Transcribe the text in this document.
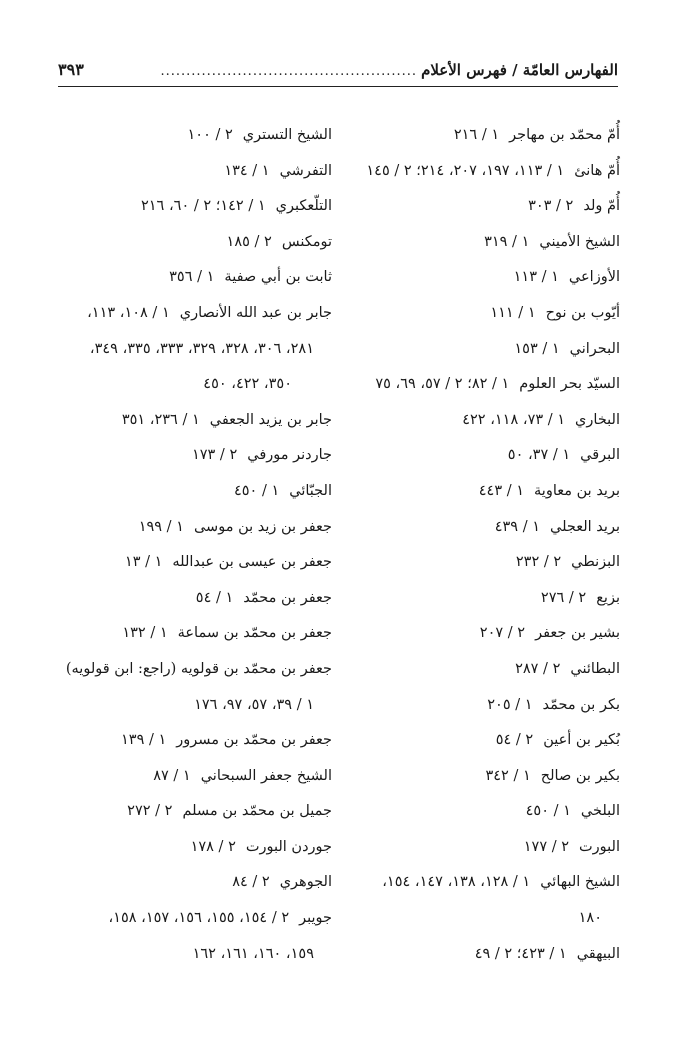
الفهارس العامّة / فهرس الأعلام
..................................................
٣٩٣
أُمّ محمّد بن مهاجر١ / ٢١٦
أُمّ هانئ١ / ١١٣، ١٩٧، ٢٠٧، ٢١٤؛ ٢ / ١٤٥
أُمّ ولد٢ / ٣٠٣
الشيخ الأميني١ / ٣١٩
الأوزاعي١ / ١١٣
أيّوب بن نوح١ / ١١١
البحراني١ / ١٥٣
السيّد بحر العلوم١ / ٨٢؛ ٢ / ٥٧، ٦٩، ٧٥
البخاري١ / ٧٣، ١١٨، ٤٢٢
البرقي١ / ٣٧، ٥٠
بريد بن معاوية١ / ٤٤٣
بريد العجلي١ / ٤٣٩
البزنطي٢ / ٢٣٢
بزيع٢ / ٢٧٦
بشير بن جعفر٢ / ٢٠٧
البطائني٢ / ٢٨٧
بكر بن محمّد١ / ٢٠٥
بُكير بن أعين٢ / ٥٤
بكير بن صالح١ / ٣٤٢
البلخي١ / ٤٥٠
البورت٢ / ١٧٧
الشيخ البهائي١ / ١٢٨، ١٣٨، ١٤٧، ١٥٤،
١٨٠
البيهقي١ / ٤٢٣؛ ٢ / ٤٩
الشيخ التستري٢ / ١٠٠
التفرشي١ / ١٣٤
التلّعكبري١ / ١٤٢؛ ٢ / ٦٠، ٢١٦
تومكنس٢ / ١٨٥
ثابت بن أبي صفية١ / ٣٥٦
جابر بن عبد الله الأنصاري١ / ١٠٨، ١١٣،
٢٨١، ٣٠٦، ٣٢٨، ٣٢٩، ٣٣٣، ٣٣٥، ٣٤٩،
٣٥٠، ٤٢٢، ٤٥٠
جابر بن يزيد الجعفي١ / ٢٣٦، ٣٥١
جاردنر مورفي٢ / ١٧٣
الجبّائي١ / ٤٥٠
جعفر بن زيد بن موسى١ / ١٩٩
جعفر بن عيسى بن عبدالله١ / ١٣
جعفر بن محمّد١ / ٥٤
جعفر بن محمّد بن سماعة١ / ١٣٢
جعفر بن محمّد بن قولويه (راجع: ابن قولويه)
١ / ٣٩، ٥٧، ٩٧، ١٧٦
جعفر بن محمّد بن مسرور١ / ١٣٩
الشيخ جعفر السبحاني١ / ٨٧
جميل بن محمّد بن مسلم٢ / ٢٧٢
جوردن البورت٢ / ١٧٨
الجوهري٢ / ٨٤
جويبر٢ / ١٥٤، ١٥٥، ١٥٦، ١٥٧، ١٥٨،
١٥٩، ١٦٠، ١٦١، ١٦٢
